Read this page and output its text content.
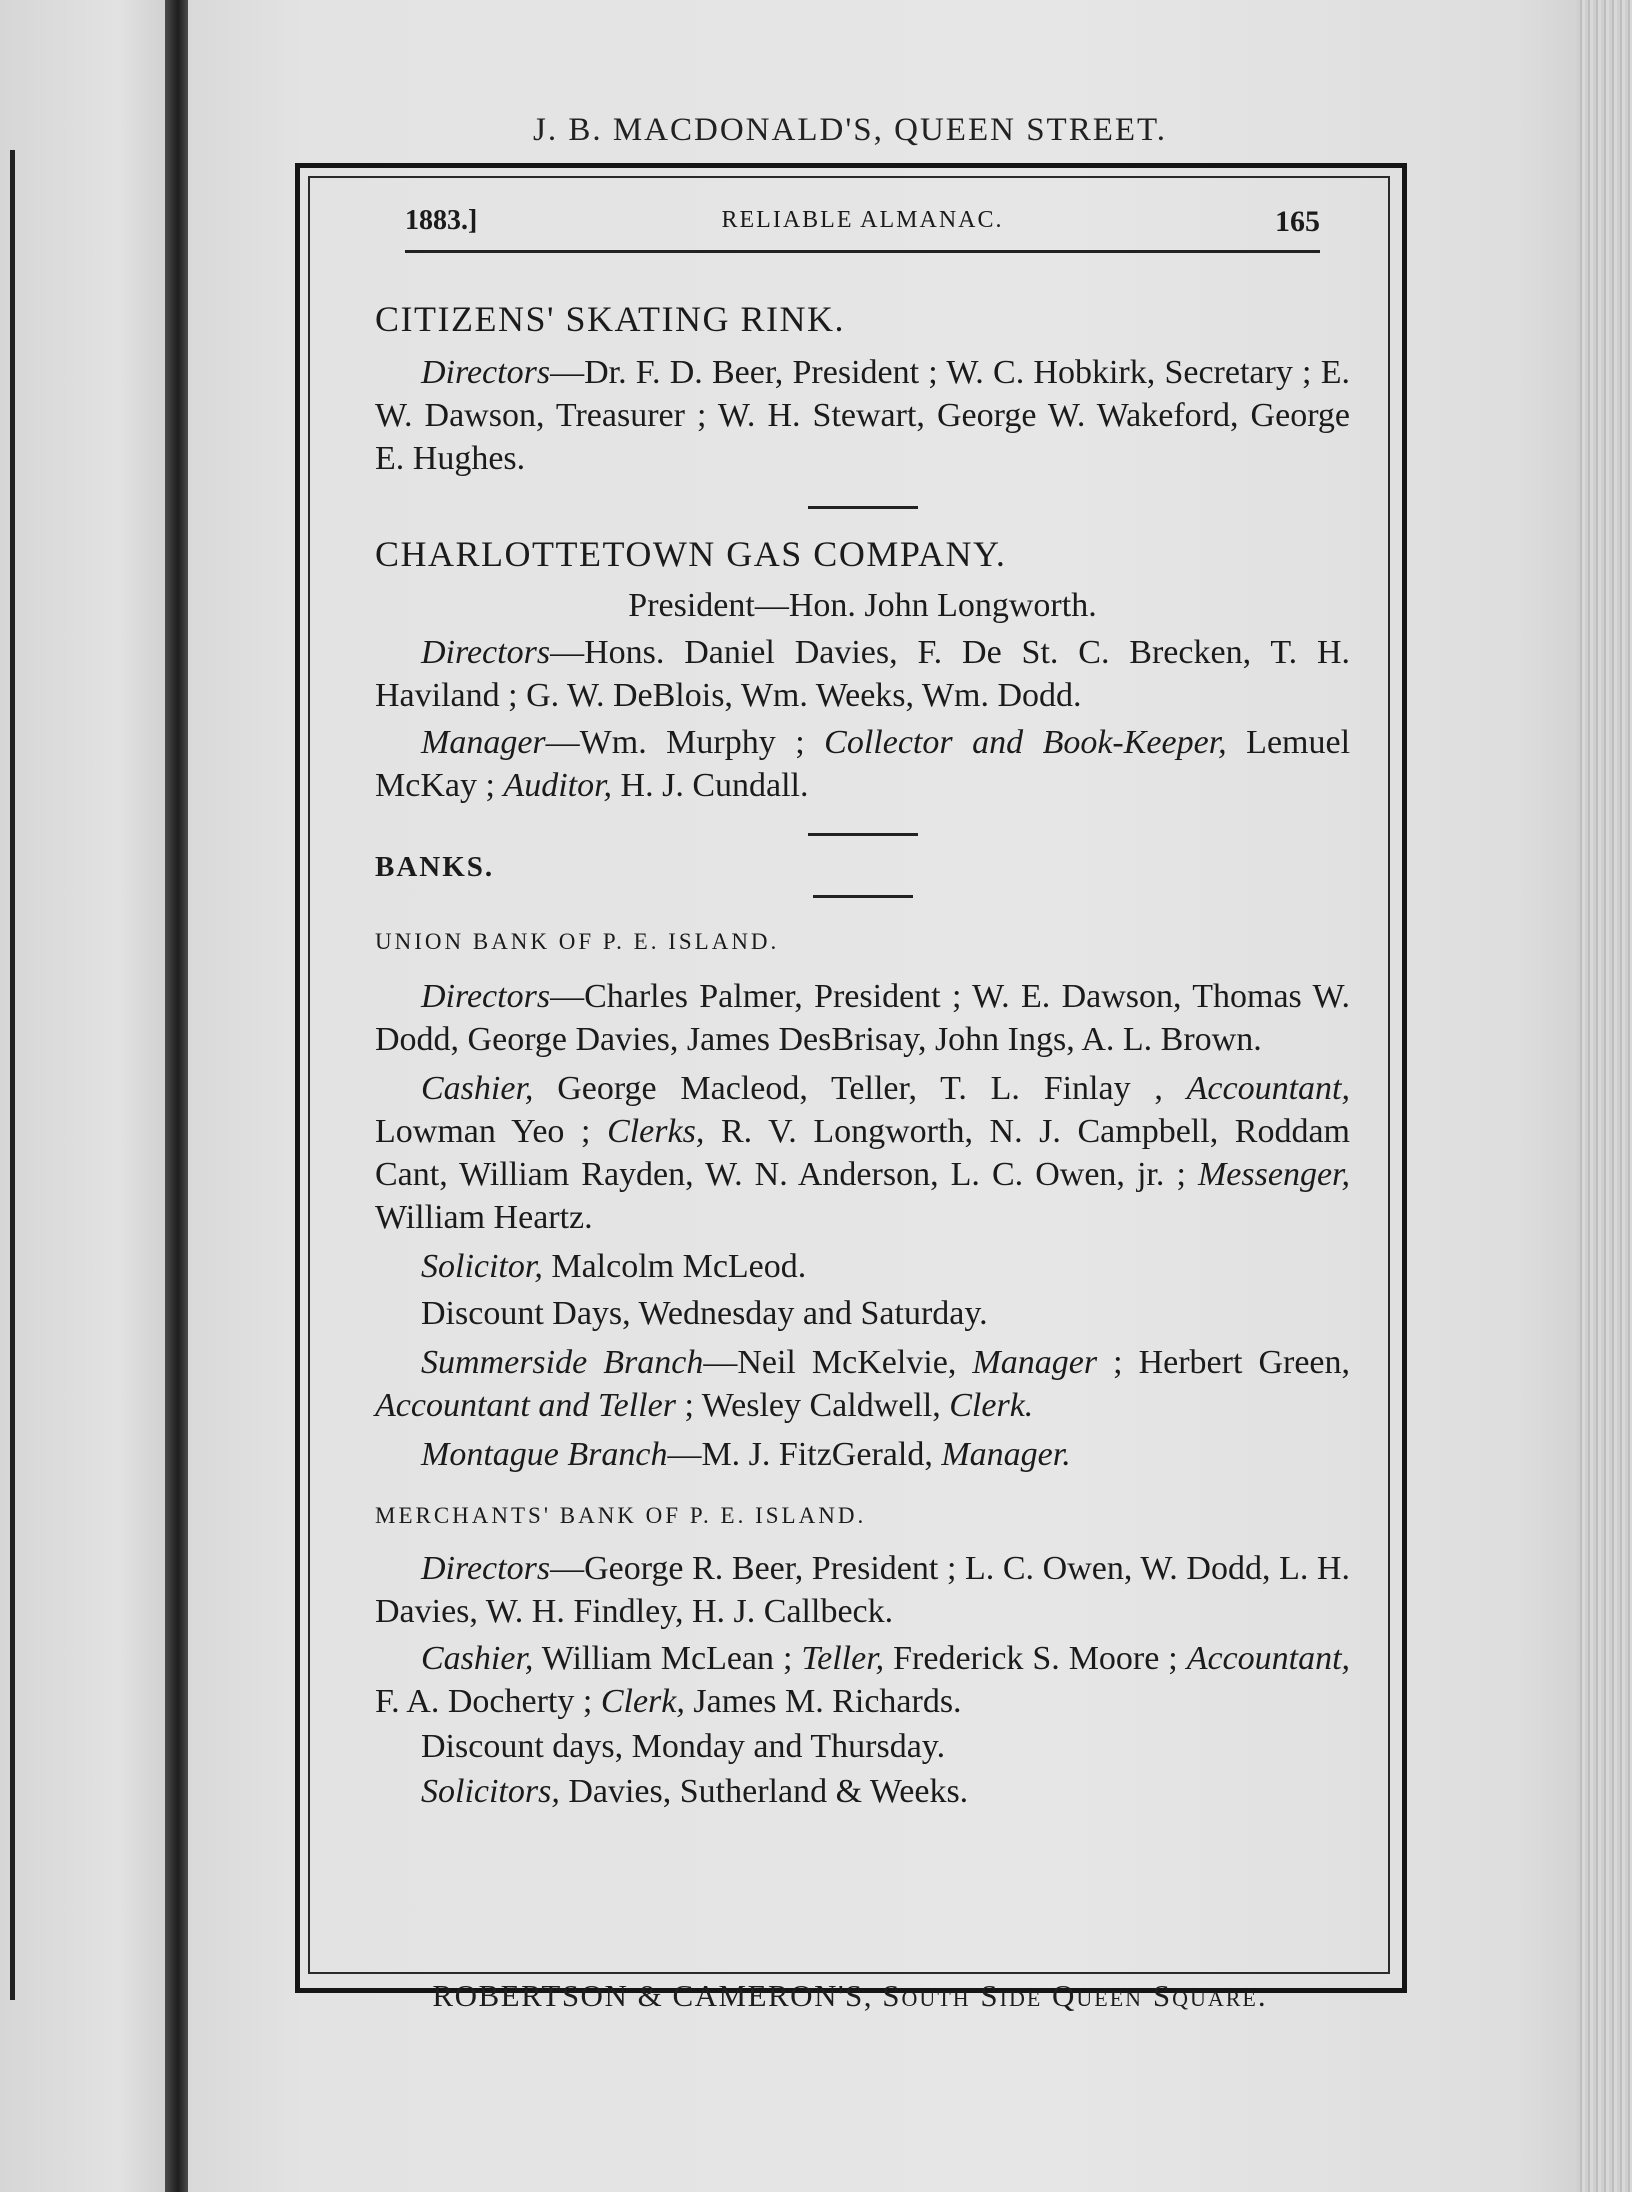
J. B. MACDONALD'S, QUEEN STREET.
1883.]	RELIABLE ALMANAC.	165

CITIZENS' SKATING RINK.

Directors—Dr. F. D. Beer, President ; W. C. Hobkirk, Secretary ; E. W. Dawson, Treasurer ; W. H. Stewart, George W. Wakeford, George E. Hughes.

CHARLOTTETOWN GAS COMPANY.

President—Hon. John Longworth.

Directors—Hons. Daniel Davies, F. De St. C. Brecken, T. H. Haviland ; G. W. DeBlois, Wm. Weeks, Wm. Dodd.

Manager—Wm. Murphy ; Collector and Book-Keeper, Lemuel McKay ; Auditor, H. J. Cundall.

BANKS.

UNION BANK OF P. E. ISLAND.

Directors—Charles Palmer, President ; W. E. Dawson, Thomas W. Dodd, George Davies, James DesBrisay, John Ings, A. L. Brown.

Cashier, George Macleod, Teller, T. L. Finlay , Accountant, Lowman Yeo ; Clerks, R. V. Longworth, N. J. Campbell, Roddam Cant, William Rayden, W. N. Anderson, L. C. Owen, jr. ; Messenger, William Heartz.

Solicitor, Malcolm McLeod.

Discount Days, Wednesday and Saturday.

Summerside Branch—Neil McKelvie, Manager ; Herbert Green, Accountant and Teller ; Wesley Caldwell, Clerk.

Montague Branch—M. J. FitzGerald, Manager.

MERCHANTS' BANK OF P. E. ISLAND.

Directors—George R. Beer, President ; L. C. Owen, W. Dodd, L. H. Davies, W. H. Findley, H. J. Callbeck.

Cashier, William McLean ; Teller, Frederick S. Moore ; Accountant, F. A. Docherty ; Clerk, James M. Richards.

Discount days, Monday and Thursday.

Solicitors, Davies, Sutherland & Weeks.

ROBERTSON & CAMERON'S, South Side Queen Square.
